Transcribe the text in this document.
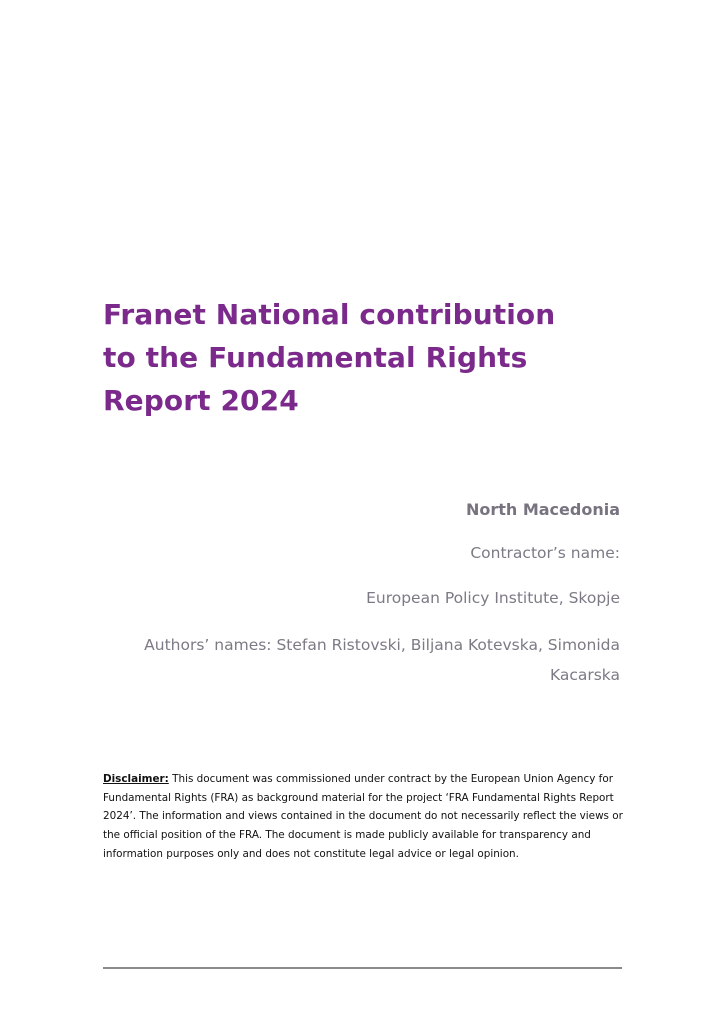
Franet National contribution
to the Fundamental Rights
Report 2024

North Macedonia

Contractor’s name:

European Policy Institute, Skopje

Authors’ names: Stefan Ristovski, Biljana Kotevska, Simonida Kacarska

Disclaimer: This document was commissioned under contract by the European Union Agency for Fundamental Rights (FRA) as background material for the project ‘FRA Fundamental Rights Report 2024’. The information and views contained in the document do not necessarily reflect the views or the official position of the FRA. The document is made publicly available for transparency and information purposes only and does not constitute legal advice or legal opinion.
